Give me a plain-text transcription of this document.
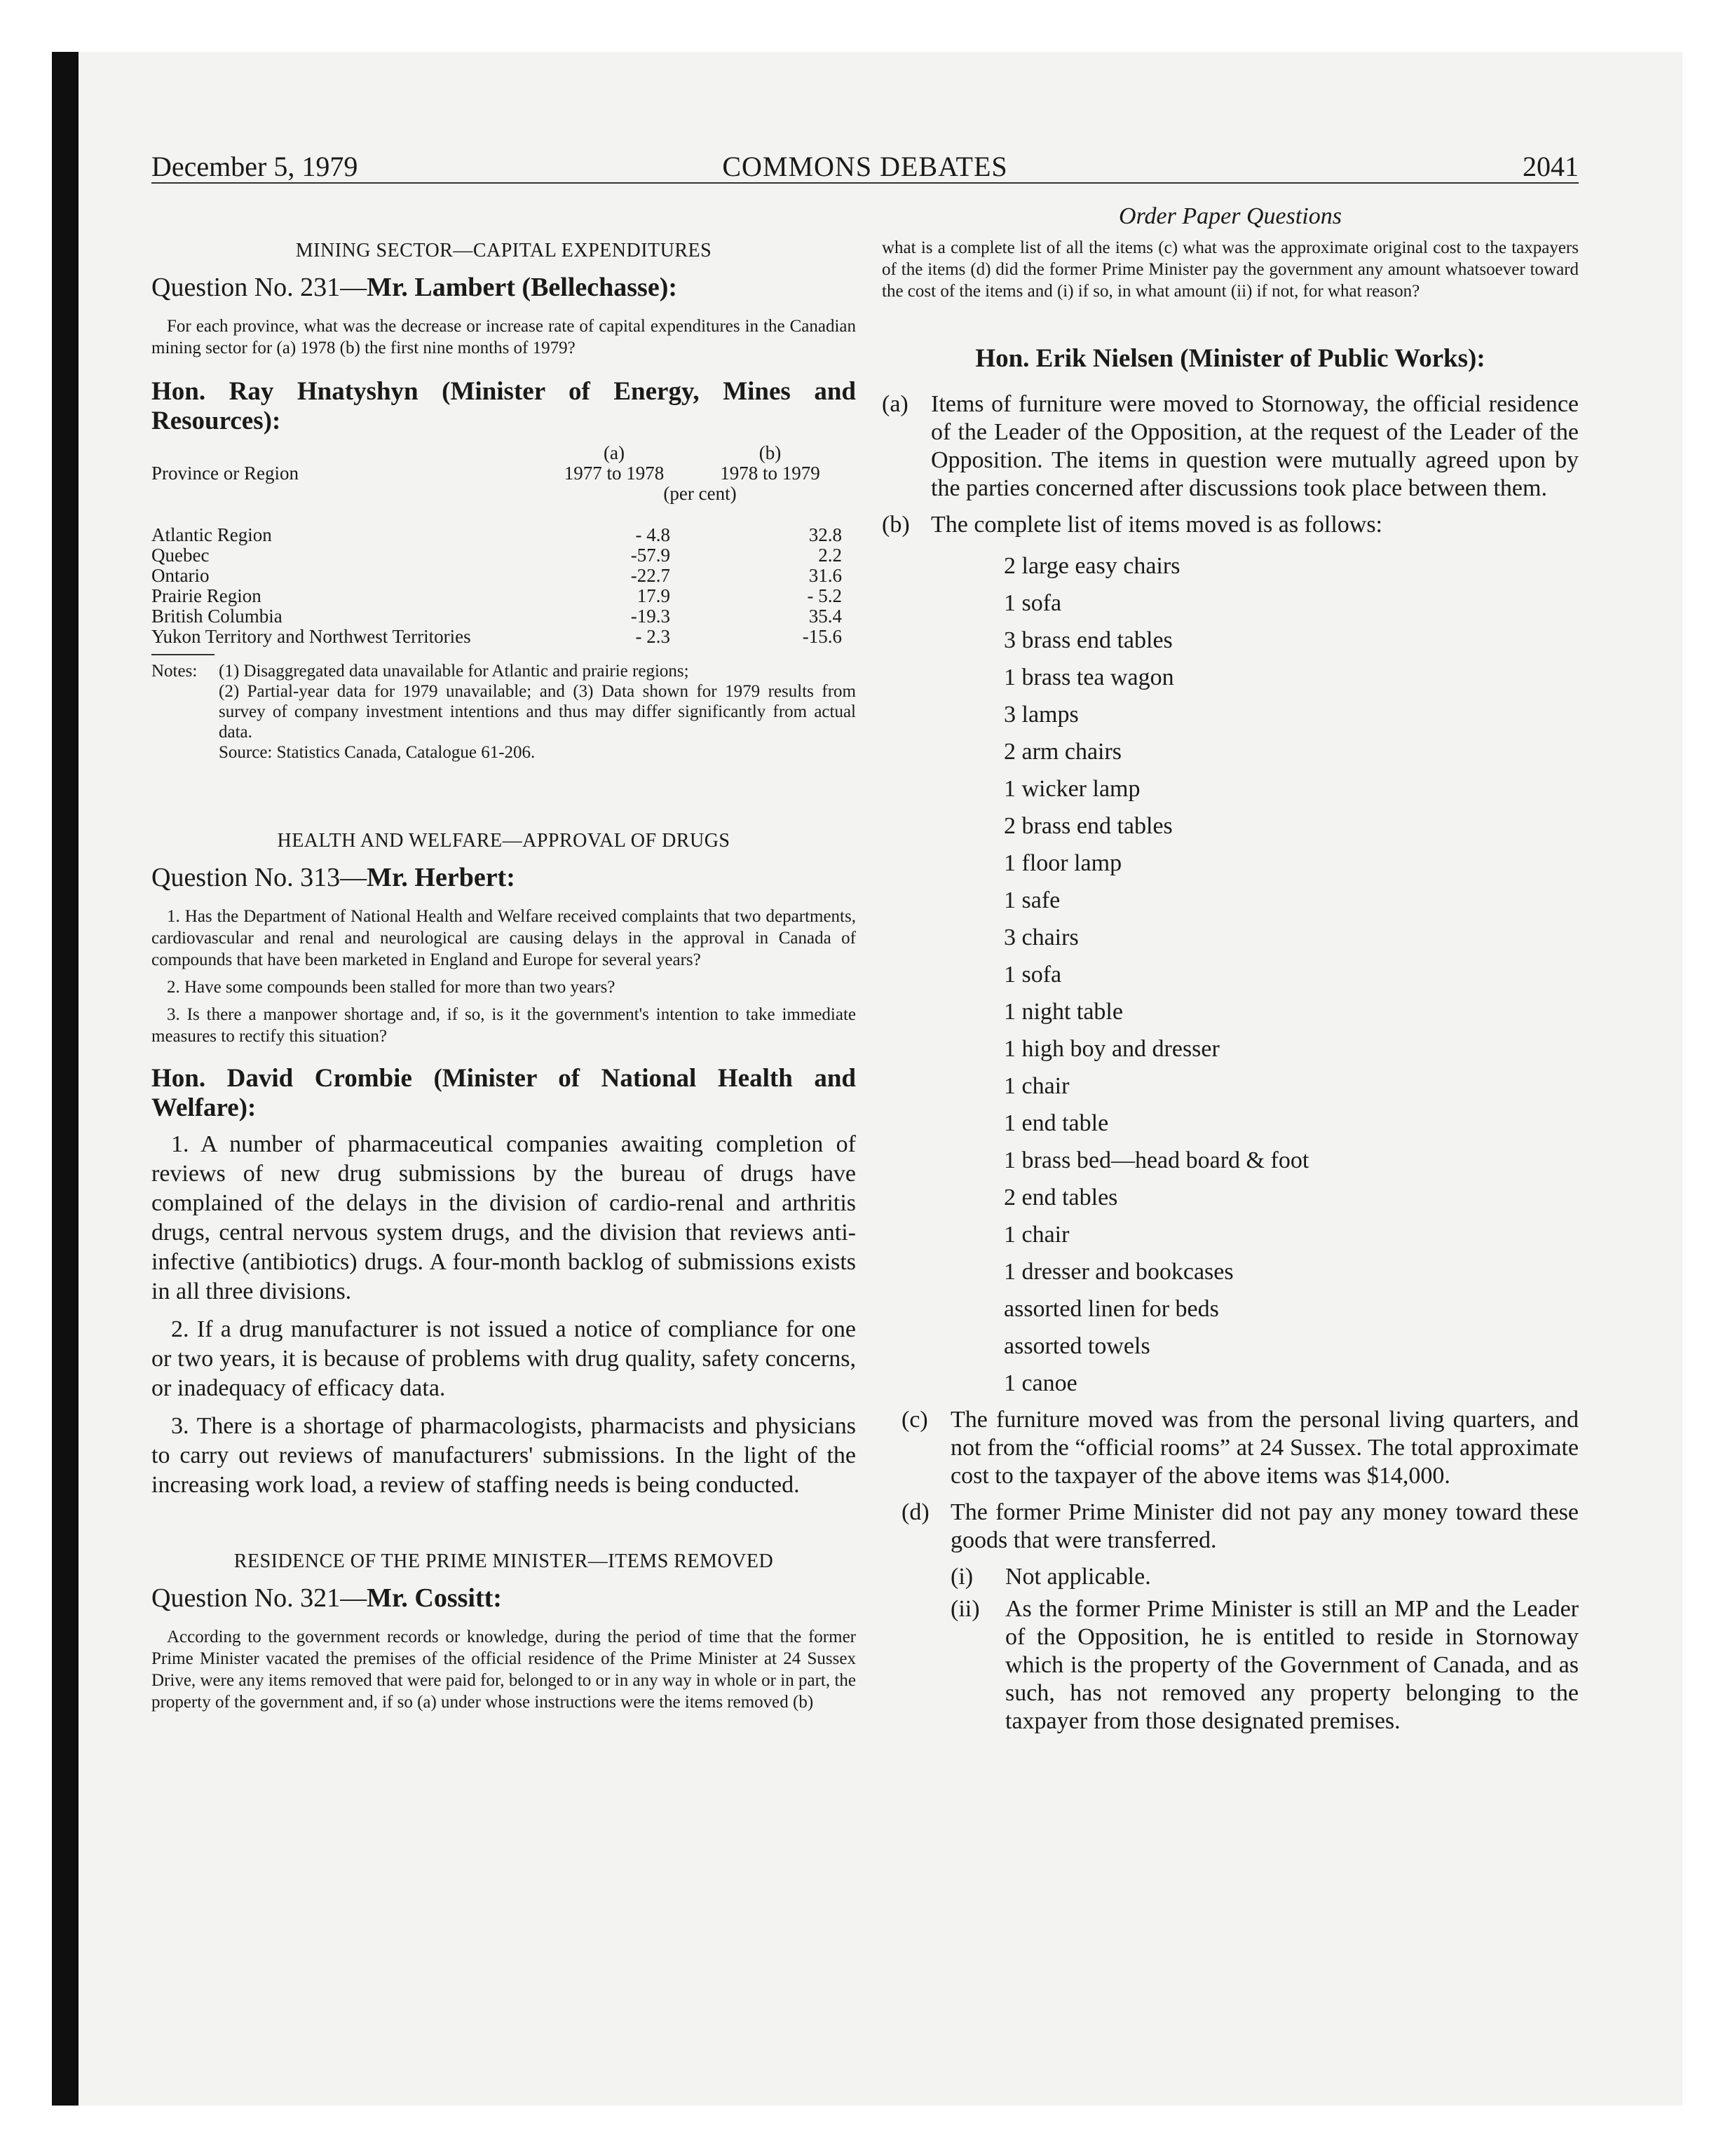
December 5, 1979	COMMONS DEBATES	2041

MINING SECTOR—CAPITAL EXPENDITURES

Question No. 231—Mr. Lambert (Bellechasse):

For each province, what was the decrease or increase rate of capital expenditures in the Canadian mining sector for (a) 1978 (b) the first nine months of 1979?

Hon. Ray Hnatyshyn (Minister of Energy, Mines and Resources):

	(a)	(b)
Province or Region	1977 to 1978	1978 to 1979
	(per cent)	

Atlantic Region	- 4.8	32.8
Quebec	-57.9	2.2
Ontario	-22.7	31.6
Prairie Region	17.9	- 5.2
British Columbia	-19.3	35.4
Yukon Territory and Northwest Territories	- 2.3	-15.6
Notes:	(1) Disaggregated data unavailable for Atlantic and prairie regions;
(2) Partial-year data for 1979 unavailable; and (3) Data shown for 1979 results from survey of company investment intentions and thus may differ significantly from actual data.
Source: Statistics Canada, Catalogue 61-206.

HEALTH AND WELFARE—APPROVAL OF DRUGS

Question No. 313—Mr. Herbert:

1. Has the Department of National Health and Welfare received complaints that two departments, cardiovascular and renal and neurological are causing delays in the approval in Canada of compounds that have been marketed in England and Europe for several years?

2. Have some compounds been stalled for more than two years?

3. Is there a manpower shortage and, if so, is it the government's intention to take immediate measures to rectify this situation?

Hon. David Crombie (Minister of National Health and Welfare):

1. A number of pharmaceutical companies awaiting completion of reviews of new drug submissions by the bureau of drugs have complained of the delays in the division of cardio-renal and arthritis drugs, central nervous system drugs, and the division that reviews anti-infective (antibiotics) drugs. A four-month backlog of submissions exists in all three divisions.

2. If a drug manufacturer is not issued a notice of compliance for one or two years, it is because of problems with drug quality, safety concerns, or inadequacy of efficacy data.

3. There is a shortage of pharmacologists, pharmacists and physicians to carry out reviews of manufacturers' submissions. In the light of the increasing work load, a review of staffing needs is being conducted.

RESIDENCE OF THE PRIME MINISTER—ITEMS REMOVED

Question No. 321—Mr. Cossitt:

According to the government records or knowledge, during the period of time that the former Prime Minister vacated the premises of the official residence of the Prime Minister at 24 Sussex Drive, were any items removed that were paid for, belonged to or in any way in whole or in part, the property of the government and, if so (a) under whose instructions were the items removed (b)

Order Paper Questions

what is a complete list of all the items (c) what was the approximate original cost to the taxpayers of the items (d) did the former Prime Minister pay the government any amount whatsoever toward the cost of the items and (i) if so, in what amount (ii) if not, for what reason?

Hon. Erik Nielsen (Minister of Public Works):

(a) Items of furniture were moved to Stornoway, the official residence of the Leader of the Opposition, at the request of the Leader of the Opposition. The items in question were mutually agreed upon by the parties concerned after discussions took place between them.
(b) The complete list of items moved is as follows:
2 large easy chairs
1 sofa
3 brass end tables
1 brass tea wagon
3 lamps
2 arm chairs
1 wicker lamp
2 brass end tables
1 floor lamp
1 safe
3 chairs
1 sofa
1 night table
1 high boy and dresser
1 chair
1 end table
1 brass bed—head board & foot
2 end tables
1 chair
1 dresser and bookcases
assorted linen for beds
assorted towels
1 canoe
(c) The furniture moved was from the personal living quarters, and not from the “official rooms” at 24 Sussex. The total approximate cost to the taxpayer of the above items was $14,000.
(d) The former Prime Minister did not pay any money toward these goods that were transferred.
(i)	Not applicable.
(ii)	As the former Prime Minister is still an MP and the Leader of the Opposition, he is entitled to reside in Stornoway which is the property of the Government of Canada, and as such, has not removed any property belonging to the taxpayer from those designated premises.
